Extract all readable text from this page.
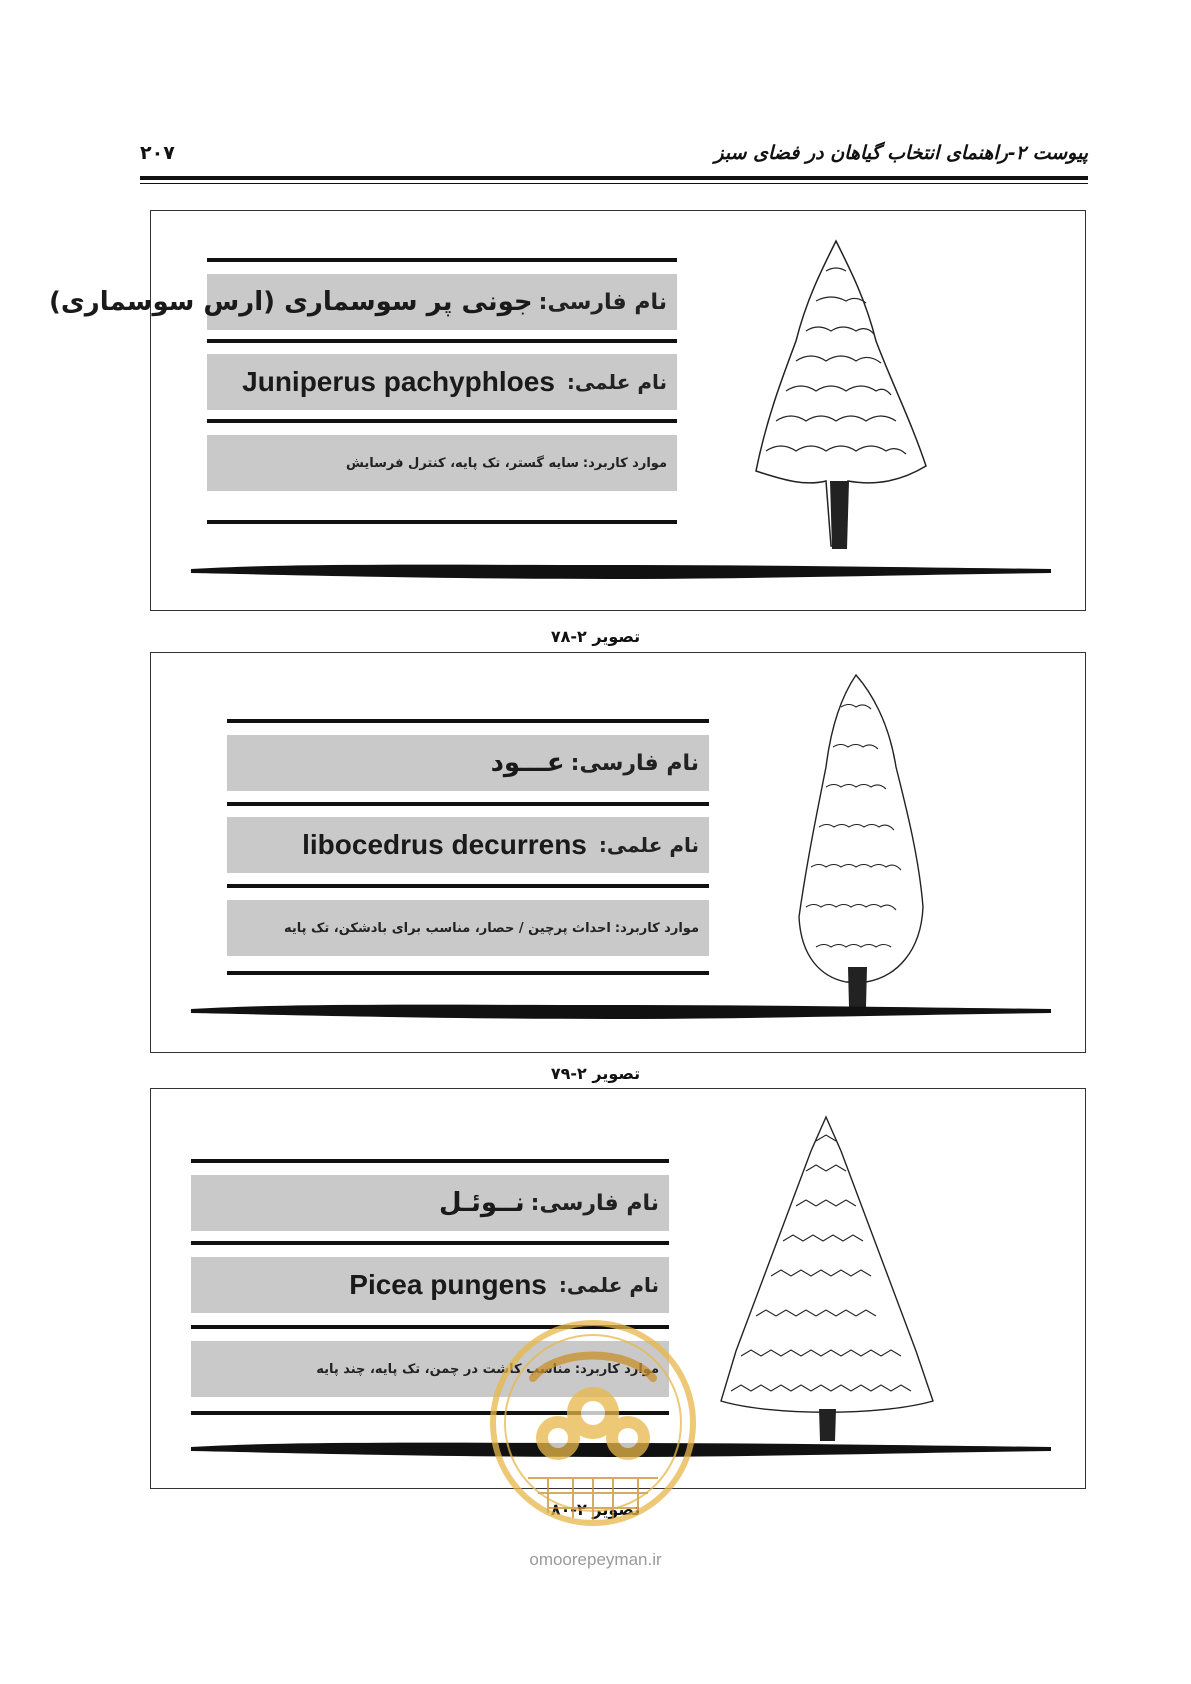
پیوست ۲-راهنمای انتخاب گیاهان در فضای سبز
۲۰۷
نام فارسی:
جونی پر سوسماری (ارس سوسماری)
نام علمی:
Juniperus pachyphloes
موارد کاربرد:
سایه گستر، تک پایه، کنترل فرسایش
تصویر ۲-۷۸
نام فارسی:
عـــود
نام علمی:
libocedrus decurrens
موارد کاربرد:
احداث پرچین / حصار، مناسب برای بادشکن، تک پایه
تصویر ۲-۷۹
نام فارسی:
نــوئـل
نام علمی:
Picea pungens
موارد کاربرد:
مناسب کاشت در چمن، تک پایه، چند پایه
تصویر ۲-۸۰
omoorepeyman.ir
